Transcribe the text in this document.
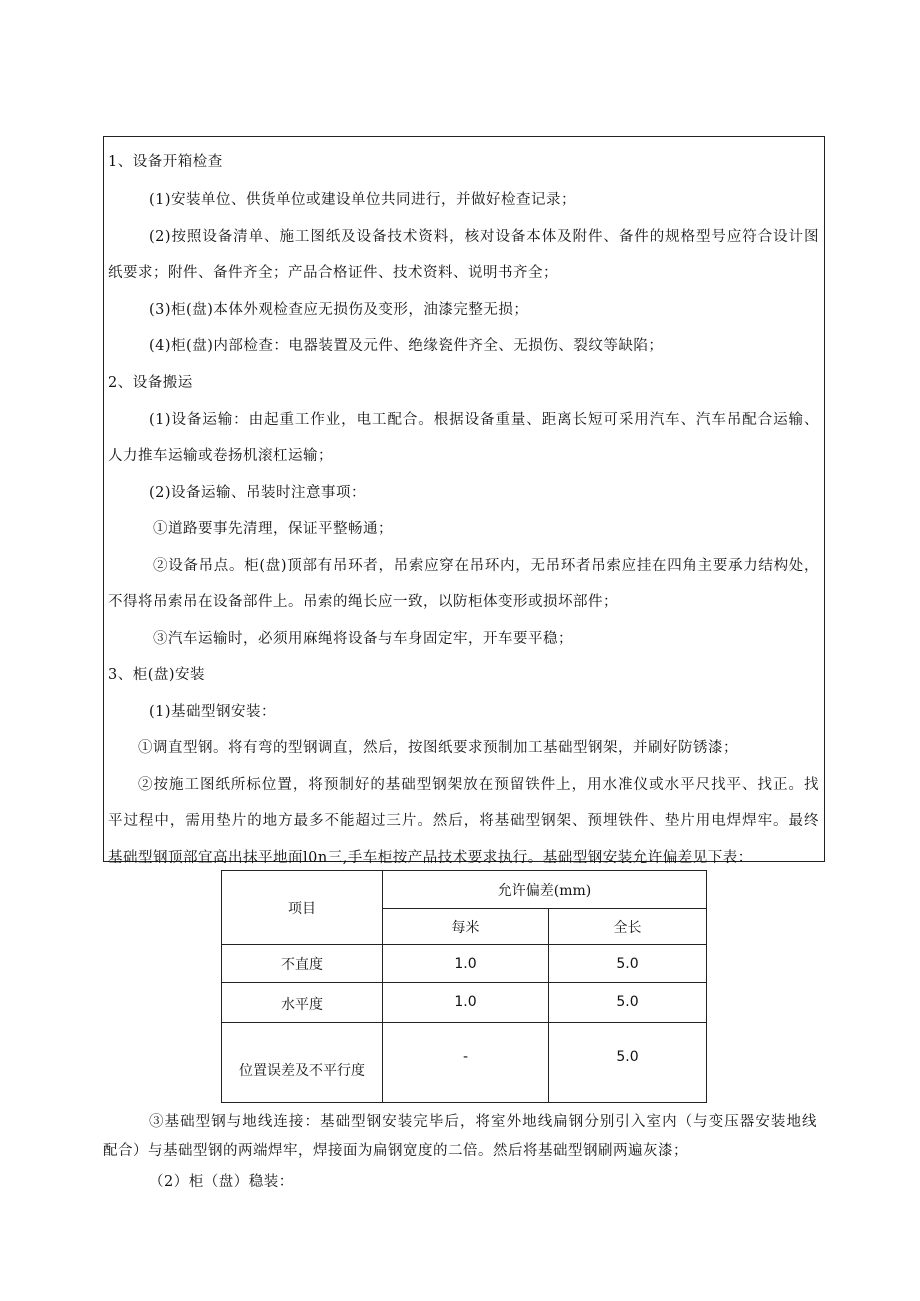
1、设备开箱检查
(1)安装单位、供货单位或建设单位共同进行，并做好检查记录；
(2)按照设备清单、施工图纸及设备技术资料，核对设备本体及附件、备件的规格型号应符合设计图
纸要求；附件、备件齐全；产品合格证件、技术资料、说明书齐全；
(3)柜(盘)本体外观检查应无损伤及变形，油漆完整无损；
(4)柜(盘)内部检查：电器装置及元件、绝缘瓷件齐全、无损伤、裂纹等缺陷；
2、设备搬运
(1)设备运输：由起重工作业，电工配合。根据设备重量、距离长短可采用汽车、汽车吊配合运输、
人力推车运输或卷扬机滚杠运输；
(2)设备运输、吊装时注意事项：
①道路要事先清理，保证平整畅通；
②设备吊点。柜(盘)顶部有吊环者，吊索应穿在吊环内，无吊环者吊索应挂在四角主要承力结构处，
不得将吊索吊在设备部件上。吊索的绳长应一致，以防柜体变形或损坏部件；
③汽车运输时，必须用麻绳将设备与车身固定牢，开车要平稳；
3、柜(盘)安装
(1)基础型钢安装：
①调直型钢。将有弯的型钢调直，然后，按图纸要求预制加工基础型钢架，并刷好防锈漆；
②按施工图纸所标位置，将预制好的基础型钢架放在预留铁件上，用水准仪或水平尺找平、找正。找
平过程中，需用垫片的地方最多不能超过三片。然后，将基础型钢架、预埋铁件、垫片用电焊焊牢。最终
基础型钢顶部宜高出抹平地面l0n三,手车柜按产品技术要求执行。基础型钢安装允许偏差见下表：
项目	允许偏差(mm)	
	每米	全长
不直度	1.0	5.0
水平度	1.0	5.0
位置误差及不平行度	-	5.0
③基础型钢与地线连接：基础型钢安装完毕后，将室外地线扁钢分别引入室内（与变压器安装地线
配合）与基础型钢的两端焊牢，焊接面为扁钢宽度的二倍。然后将基础型钢刷两遍灰漆；
（2）柜（盘）稳装：
